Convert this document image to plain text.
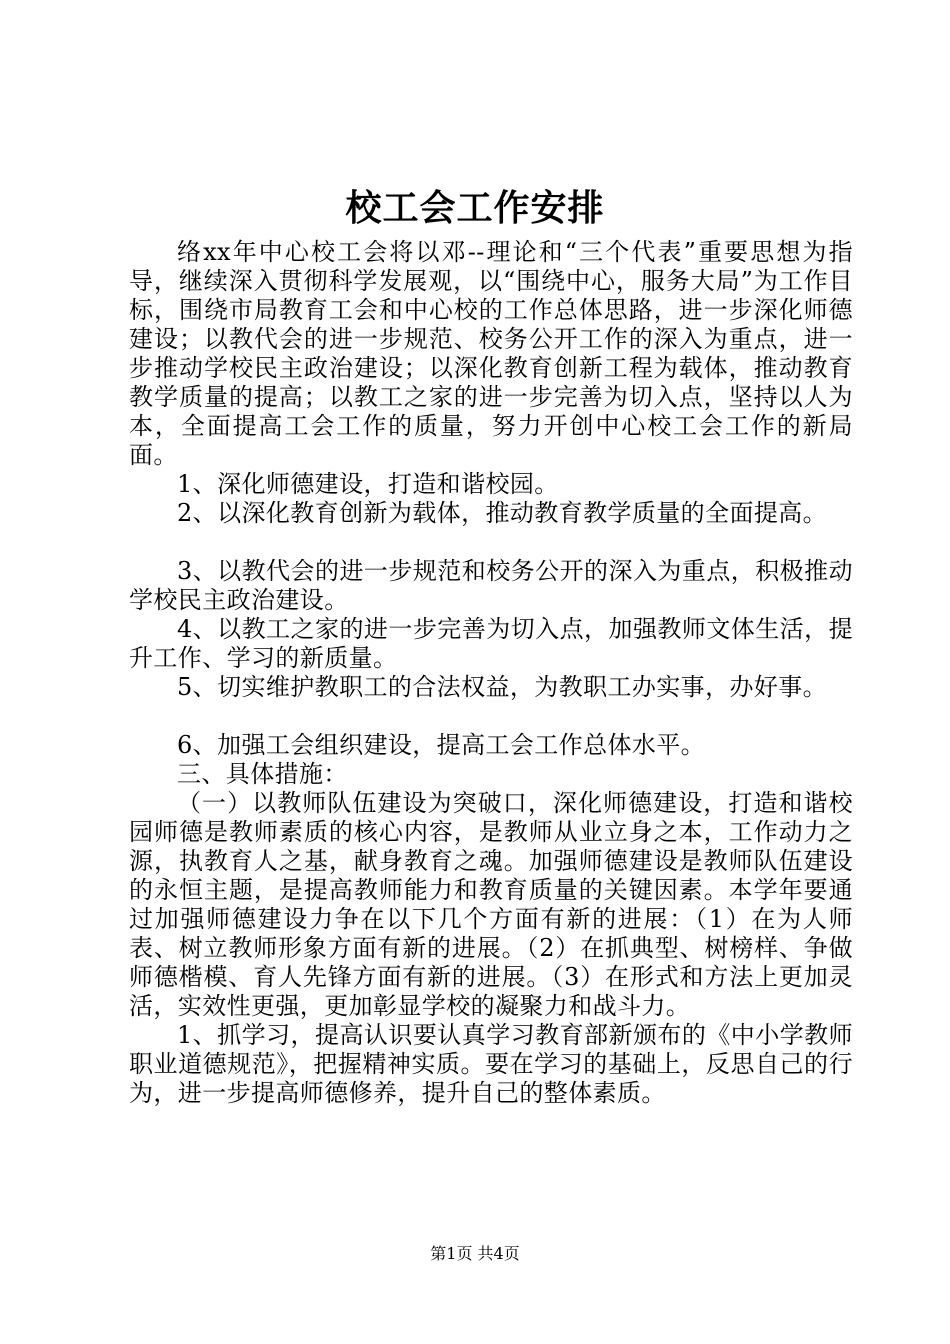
校工会工作安排

络xx年中心校工会将以邓--理论和“三个代表”重要思想为指导，继续深入贯彻科学发展观，以“围绕中心，服务大局”为工作目标，围绕市局教育工会和中心校的工作总体思路，进一步深化师德建设；以教代会的进一步规范、校务公开工作的深入为重点，进一步推动学校民主政治建设；以深化教育创新工程为载体，推动教育教学质量的提高；以教工之家的进一步完善为切入点，坚持以人为本，全面提高工会工作的质量，努力开创中心校工会工作的新局面。

1、深化师德建设，打造和谐校园。

2、以深化教育创新为载体，推动教育教学质量的全面提高。

3、以教代会的进一步规范和校务公开的深入为重点，积极推动学校民主政治建设。

4、以教工之家的进一步完善为切入点，加强教师文体生活，提升工作、学习的新质量。

5、切实维护教职工的合法权益，为教职工办实事，办好事。

6、加强工会组织建设，提高工会工作总体水平。

三、具体措施：

（一）以教师队伍建设为突破口，深化师德建设，打造和谐校园师德是教师素质的核心内容，是教师从业立身之本，工作动力之源，执教育人之基，献身教育之魂。加强师德建设是教师队伍建设的永恒主题，是提高教师能力和教育质量的关键因素。本学年要通过加强师德建设力争在以下几个方面有新的进展：（1）在为人师表、树立教师形象方面有新的进展。（2）在抓典型、树榜样、争做师德楷模、育人先锋方面有新的进展。（3）在形式和方法上更加灵活，实效性更强，更加彰显学校的凝聚力和战斗力。

1、抓学习，提高认识要认真学习教育部新颁布的《中小学教师职业道德规范》，把握精神实质。要在学习的基础上，反思自己的行为，进一步提高师德修养，提升自己的整体素质。

第1页 共4页
